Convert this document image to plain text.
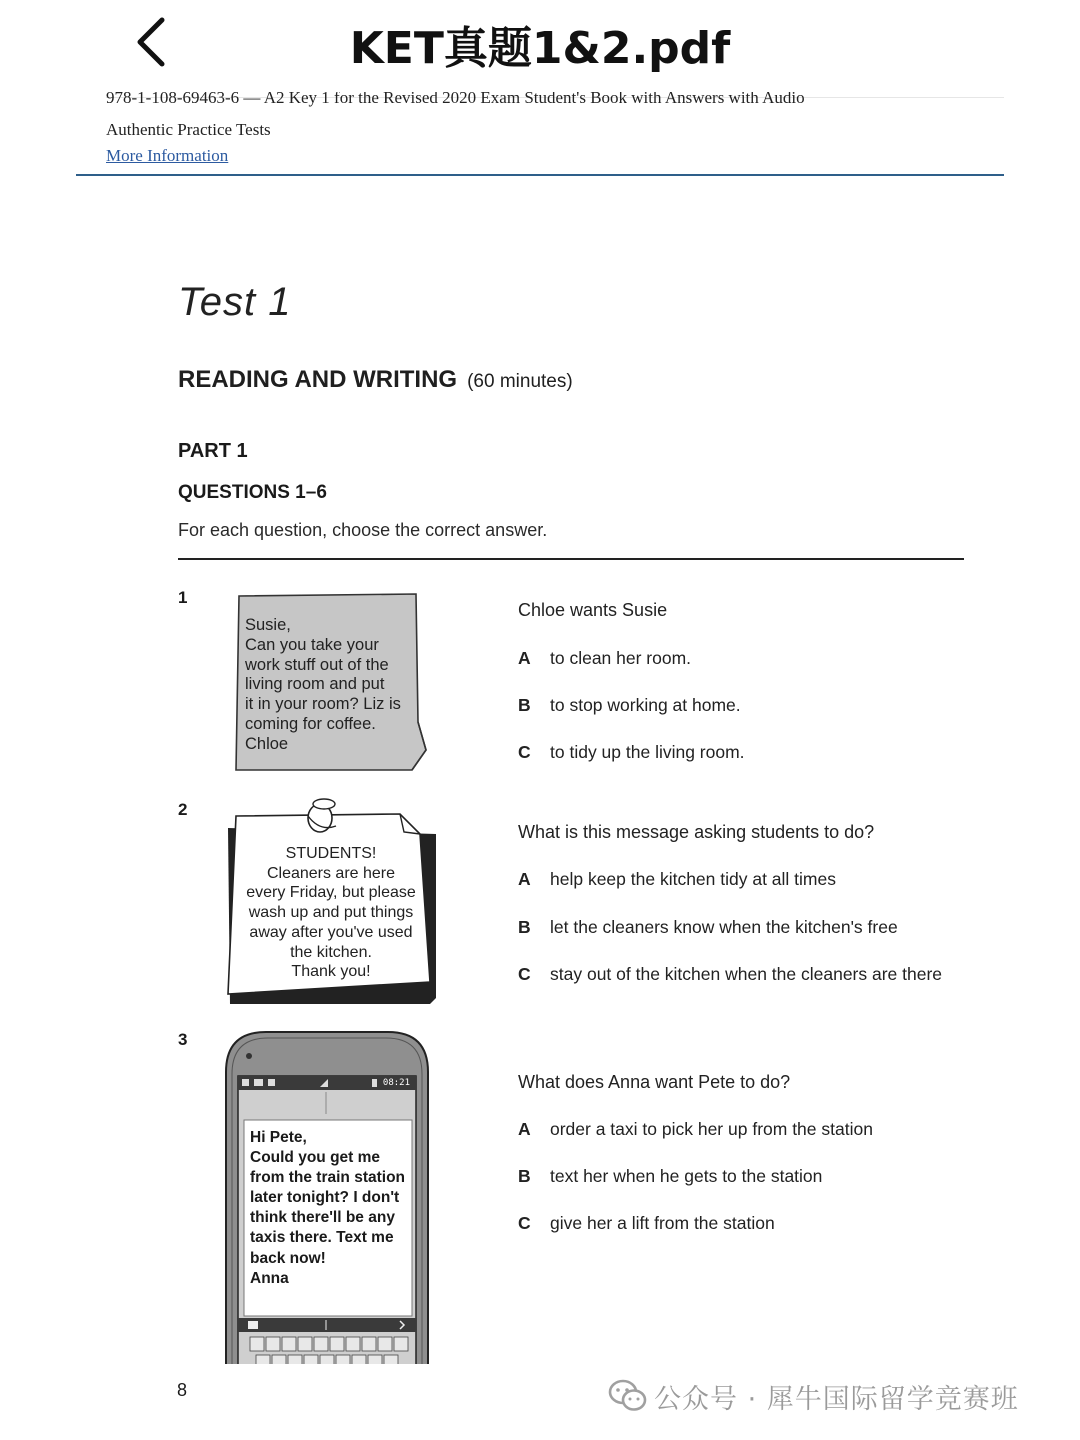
KET真题1&2.pdf
978-1-108-69463-6 — A2 Key 1 for the Revised 2020 Exam Student's Book with Answers with Audio
Authentic Practice Tests
More Information
Test 1
READING AND WRITING (60 minutes)
PART 1
QUESTIONS 1–6
For each question, choose the correct answer.
1
Susie,
Can you take your
work stuff out of the
living room and put
it in your room? Liz is
coming for coffee.
Chloe
Chloe wants Susie
A to clean her room.
B to stop working at home.
C to tidy up the living room.
2
STUDENTS!
Cleaners are here
every Friday, but please
wash up and put things
away after you've used
the kitchen.
Thank you!
What is this message asking students to do?
A help keep the kitchen tidy at all times
B let the cleaners know when the kitchen's free
C stay out of the kitchen when the cleaners are there
3
08:21
Hi Pete,
Could you get me
from the train station
later tonight? I don't
think there'll be any
taxis there. Text me
back now!
Anna
What does Anna want Pete to do?
A order a taxi to pick her up from the station
B text her when he gets to the station
C give her a lift from the station
8	公众号 · 犀牛国际留学竞赛班
